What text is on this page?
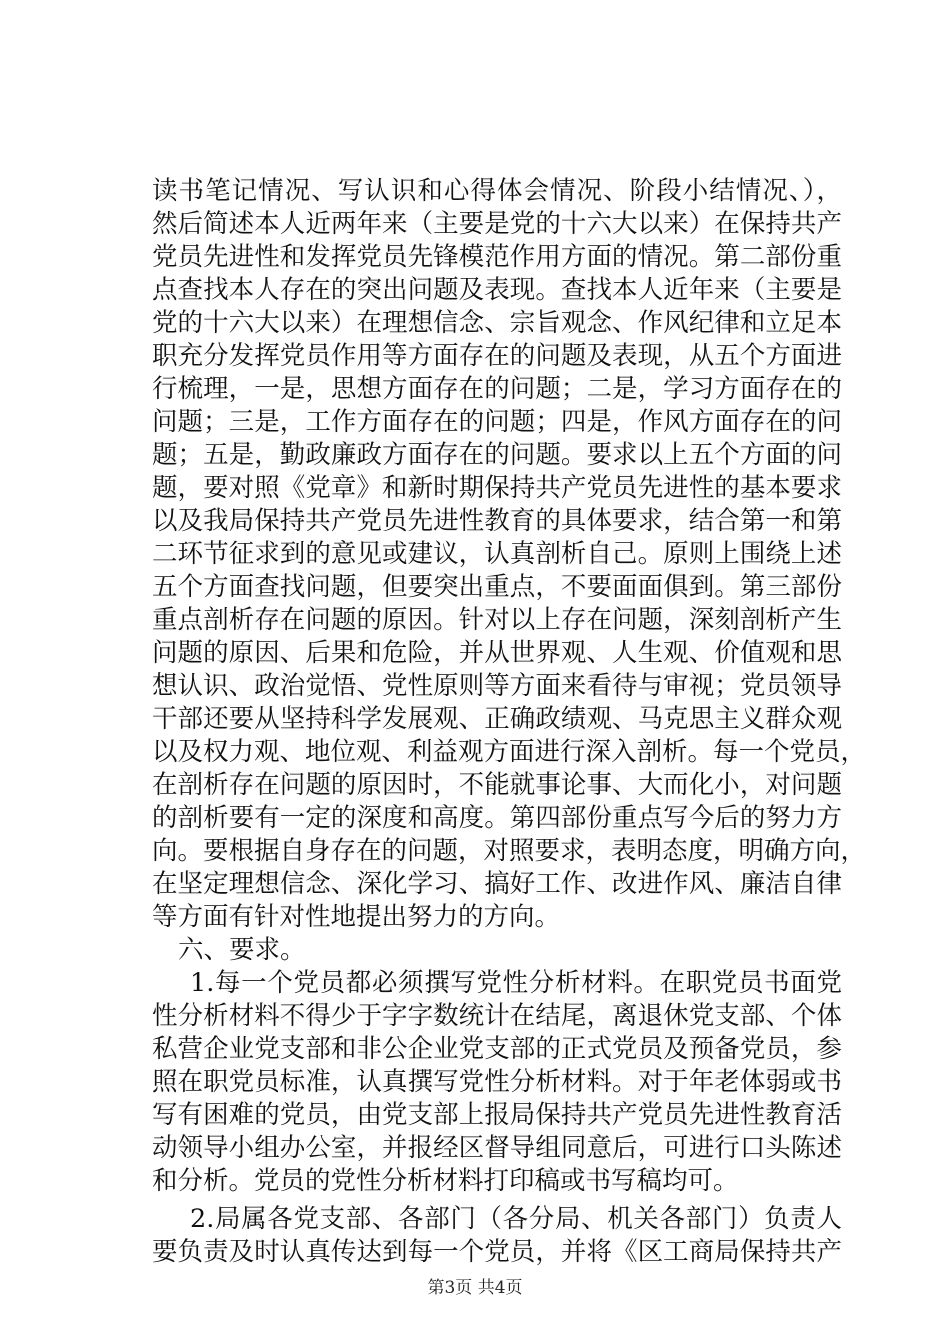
读书笔记情况、写认识和心得体会情况、阶段小结情况、），
然后简述本人近两年来（主要是党的十六大以来）在保持共产
党员先进性和发挥党员先锋模范作用方面的情况。第二部份重
点查找本人存在的突出问题及表现。查找本人近年来（主要是
党的十六大以来）在理想信念、宗旨观念、作风纪律和立足本
职充分发挥党员作用等方面存在的问题及表现，从五个方面进
行梳理，一是，思想方面存在的问题；二是，学习方面存在的
问题；三是，工作方面存在的问题；四是，作风方面存在的问
题；五是，勤政廉政方面存在的问题。要求以上五个方面的问
题，要对照《党章》和新时期保持共产党员先进性的基本要求
以及我局保持共产党员先进性教育的具体要求，结合第一和第
二环节征求到的意见或建议，认真剖析自己。原则上围绕上述
五个方面查找问题，但要突出重点，不要面面俱到。第三部份
重点剖析存在问题的原因。针对以上存在问题，深刻剖析产生
问题的原因、后果和危险，并从世界观、人生观、价值观和思
想认识、政治觉悟、党性原则等方面来看待与审视；党员领导
干部还要从坚持科学发展观、正确政绩观、马克思主义群众观
以及权力观、地位观、利益观方面进行深入剖析。每一个党员，
在剖析存在问题的原因时，不能就事论事、大而化小，对问题
的剖析要有一定的深度和高度。第四部份重点写今后的努力方
向。要根据自身存在的问题，对照要求，表明态度，明确方向，
在坚定理想信念、深化学习、搞好工作、改进作风、廉洁自律
等方面有针对性地提出努力的方向。
六、要求。
1.每一个党员都必须撰写党性分析材料。在职党员书面党
性分析材料不得少于字字数统计在结尾，离退休党支部、个体
私营企业党支部和非公企业党支部的正式党员及预备党员，参
照在职党员标准，认真撰写党性分析材料。对于年老体弱或书
写有困难的党员，由党支部上报局保持共产党员先进性教育活
动领导小组办公室，并报经区督导组同意后，可进行口头陈述
和分析。党员的党性分析材料打印稿或书写稿均可。
2.局属各党支部、各部门（各分局、机关各部门）负责人
要负责及时认真传达到每一个党员，并将《区工商局保持共产
第3页 共4页
